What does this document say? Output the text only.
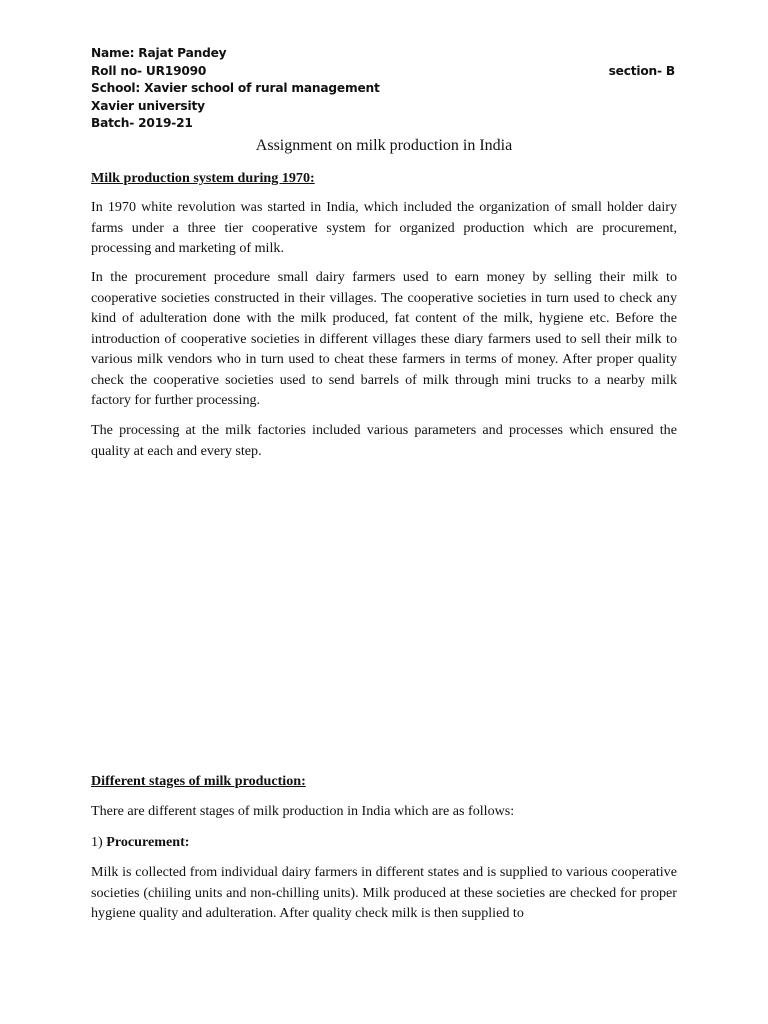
Name: Rajat Pandey
Roll no- UR19090	section- B
School: Xavier school of rural management
Xavier university
Batch- 2019-21
Assignment on milk production in India
Milk production system during 1970:

In 1970 white revolution was started in India, which included the organization of small holder dairy farms under a three tier cooperative system for organized production which are procurement, processing and marketing of milk.

In the procurement procedure small dairy farmers used to earn money by selling their milk to cooperative societies constructed in their villages. The cooperative societies in turn used to check any kind of adulteration done with the milk produced, fat content of the milk, hygiene etc. Before the introduction of cooperative societies in different villages these diary farmers used to sell their milk to various milk vendors who in turn used to cheat these farmers in terms of money. After proper quality check the cooperative societies used to send barrels of milk through mini trucks to a nearby milk factory for further processing.

The processing at the milk factories included various parameters and processes which ensured the quality at each and every step.

Different stages of milk production:

There are different stages of milk production in India which are as follows:

1) Procurement:

Milk is collected from individual dairy farmers in different states and is supplied to various cooperative societies (chiiling units and non-chilling units). Milk produced at these societies are checked for proper hygiene quality and adulteration. After quality check milk is then supplied to
